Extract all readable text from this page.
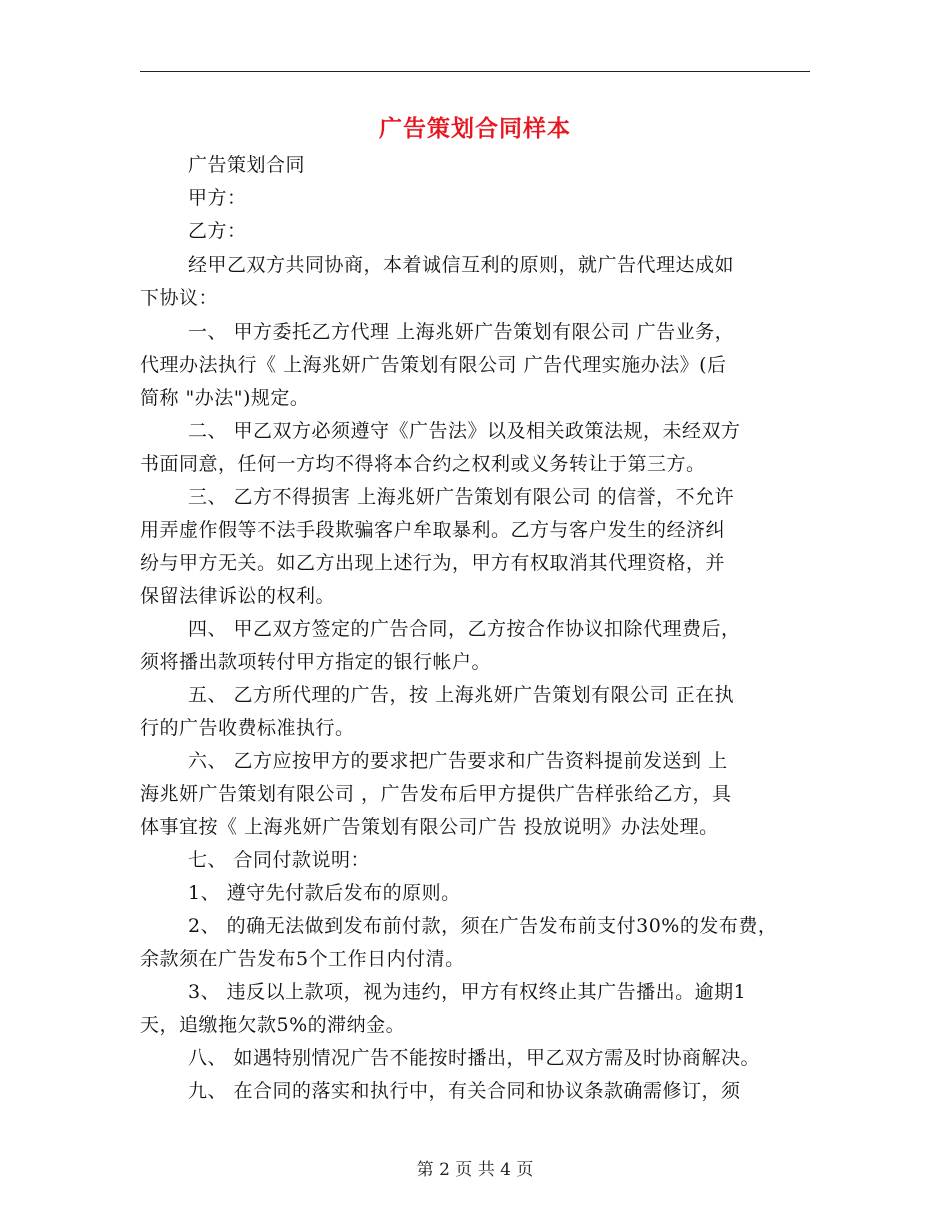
广告策划合同样本
广告策划合同
甲方：
乙方：
经甲乙双方共同协商，本着诚信互利的原则，就广告代理达成如
下协议：
一、 甲方委托乙方代理 上海兆妍广告策划有限公司 广告业务，
代理办法执行《 上海兆妍广告策划有限公司 广告代理实施办法》(后
简称 "办法")规定。
二、 甲乙双方必须遵守《广告法》以及相关政策法规，未经双方
书面同意，任何一方均不得将本合约之权利或义务转让于第三方。
三、 乙方不得损害 上海兆妍广告策划有限公司 的信誉，不允许
用弄虚作假等不法手段欺骗客户牟取暴利。乙方与客户发生的经济纠
纷与甲方无关。如乙方出现上述行为，甲方有权取消其代理资格，并
保留法律诉讼的权利。
四、 甲乙双方签定的广告合同，乙方按合作协议扣除代理费后，
须将播出款项转付甲方指定的银行帐户。
五、 乙方所代理的广告，按 上海兆妍广告策划有限公司 正在执
行的广告收费标准执行。
六、 乙方应按甲方的要求把广告要求和广告资料提前发送到 上
海兆妍广告策划有限公司 ，广告发布后甲方提供广告样张给乙方，具
体事宜按《 上海兆妍广告策划有限公司广告 投放说明》办法处理。
七、 合同付款说明：
1、 遵守先付款后发布的原则。
2、 的确无法做到发布前付款，须在广告发布前支付30%的发布费，
余款须在广告发布5个工作日内付清。
3、 违反以上款项，视为违约，甲方有权终止其广告播出。逾期1
天，追缴拖欠款5%的滞纳金。
八、 如遇特别情况广告不能按时播出，甲乙双方需及时协商解决。
九、 在合同的落实和执行中，有关合同和协议条款确需修订，须
第 2 页 共 4 页
